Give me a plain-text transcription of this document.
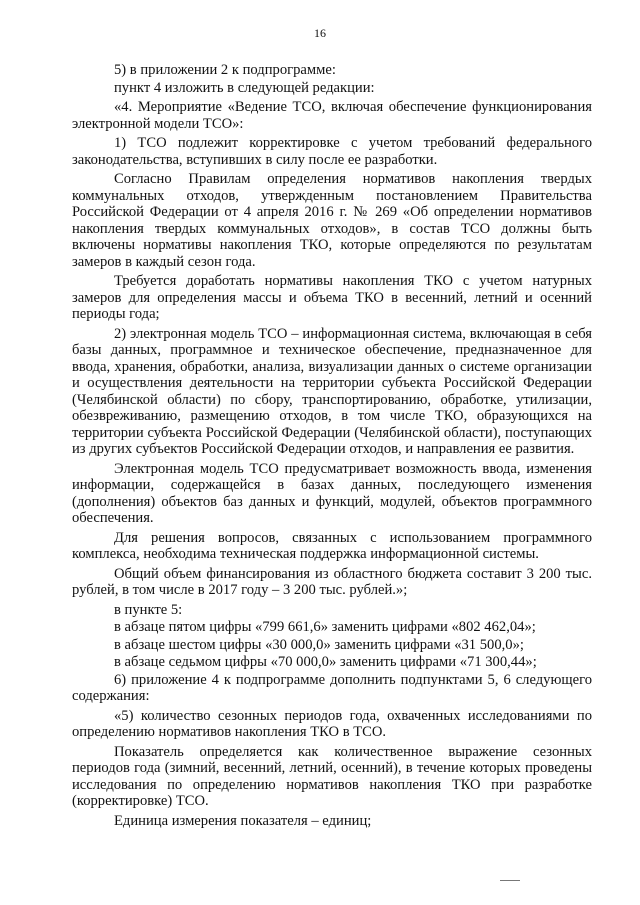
16

5) в приложении 2 к подпрограмме:

пункт 4 изложить в следующей редакции:

«4. Мероприятие «Ведение ТСО, включая обеспечение функционирования электронной модели ТСО»:

1) ТСО подлежит корректировке с учетом требований федерального законодательства, вступивших в силу после ее разработки.

Согласно Правилам определения нормативов накопления твердых коммунальных отходов, утвержденным постановлением Правительства Российской Федерации от 4 апреля 2016 г. № 269 «Об определении нормативов накопления твердых коммунальных отходов», в состав ТСО должны быть включены нормативы накопления ТКО, которые определяются по результатам замеров в каждый сезон года.

Требуется доработать нормативы накопления ТКО с учетом натурных замеров для определения массы и объема ТКО в весенний, летний и осенний периоды года;

2) электронная модель ТСО – информационная система, включающая в себя базы данных, программное и техническое обеспечение, предназначенное для ввода, хранения, обработки, анализа, визуализации данных о системе организации и осуществления деятельности на территории субъекта Российской Федерации (Челябинской области) по сбору, транспортированию, обработке, утилизации, обезвреживанию, размещению отходов, в том числе ТКО, образующихся на территории субъекта Российской Федерации (Челябинской области), поступающих из других субъектов Российской Федерации отходов, и направления ее развития.

Электронная модель ТСО предусматривает возможность ввода, изменения информации, содержащейся в базах данных, последующего изменения (дополнения) объектов баз данных и функций, модулей, объектов программного обеспечения.

Для решения вопросов, связанных с использованием программного комплекса, необходима техническая поддержка информационной системы.

Общий объем финансирования из областного бюджета составит 3 200 тыс. рублей, в том числе в 2017 году – 3 200 тыс. рублей.»;

в пункте 5:

в абзаце пятом цифры «799 661,6» заменить цифрами «802 462,04»;

в абзаце шестом цифры «30 000,0» заменить цифрами «31 500,0»;

в абзаце седьмом цифры «70 000,0» заменить цифрами «71 300,44»;

6) приложение 4 к подпрограмме дополнить подпунктами 5, 6 следующего содержания:

«5) количество сезонных периодов года, охваченных исследованиями по определению нормативов накопления ТКО в ТСО.

Показатель определяется как количественное выражение сезонных периодов года (зимний, весенний, летний, осенний), в течение которых проведены исследования по определению нормативов накопления ТКО при разработке (корректировке) ТСО.

Единица измерения показателя – единиц;
